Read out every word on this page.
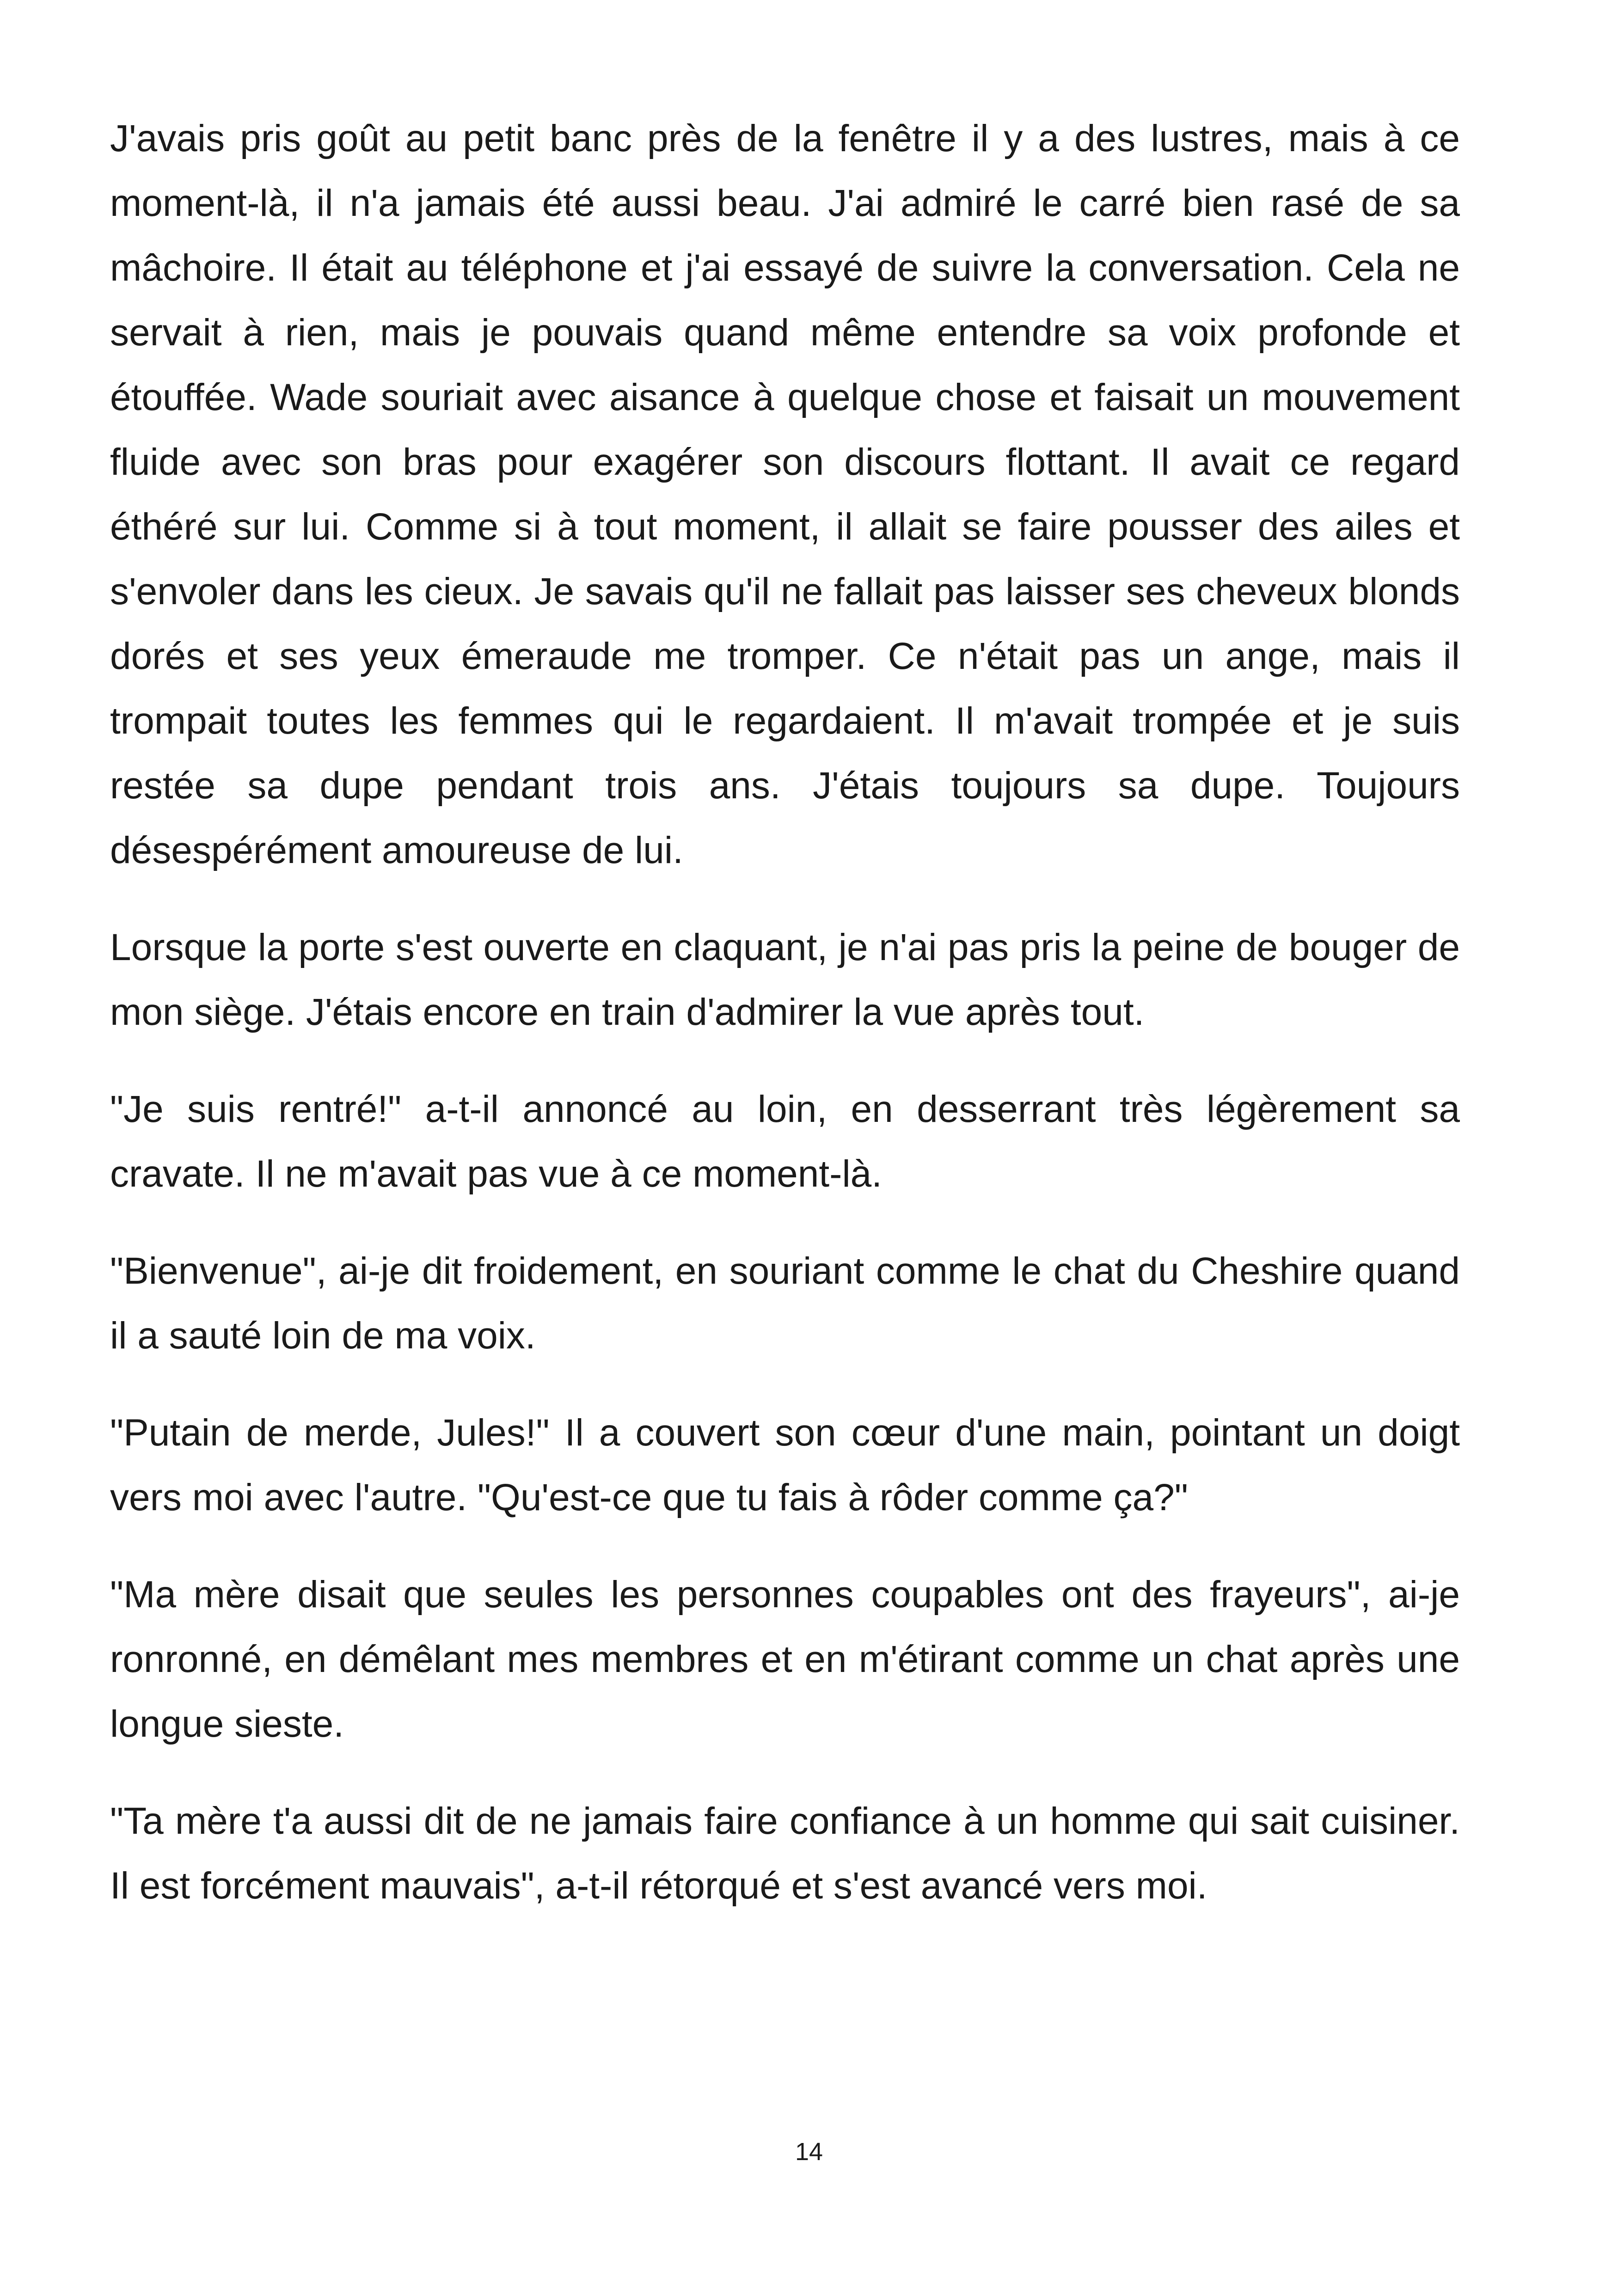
J'avais pris goût au petit banc près de la fenêtre il y a des lustres, mais à ce moment-là, il n'a jamais été aussi beau. J'ai admiré le carré bien rasé de sa mâchoire. Il était au téléphone et j'ai essayé de suivre la conversation. Cela ne servait à rien, mais je pouvais quand même entendre sa voix profonde et étouffée. Wade souriait avec aisance à quelque chose et faisait un mouvement fluide avec son bras pour exagérer son discours flottant. Il avait ce regard éthéré sur lui. Comme si à tout moment, il allait se faire pousser des ailes et s'envoler dans les cieux. Je savais qu'il ne fallait pas laisser ses cheveux blonds dorés et ses yeux émeraude me tromper. Ce n'était pas un ange, mais il trompait toutes les femmes qui le regardaient. Il m'avait trompée et je suis restée sa dupe pendant trois ans. J'étais toujours sa dupe. Toujours désespérément amoureuse de lui.

Lorsque la porte s'est ouverte en claquant, je n'ai pas pris la peine de bouger de mon siège. J'étais encore en train d'admirer la vue après tout.

"Je suis rentré!" a-t-il annoncé au loin, en desserrant très légèrement sa cravate. Il ne m'avait pas vue à ce moment-là.

"Bienvenue", ai-je dit froidement, en souriant comme le chat du Cheshire quand il a sauté loin de ma voix.

"Putain de merde, Jules!" Il a couvert son cœur d'une main, pointant un doigt vers moi avec l'autre. "Qu'est-ce que tu fais à rôder comme ça?"

"Ma mère disait que seules les personnes coupables ont des frayeurs", ai-je ronronné, en démêlant mes membres et en m'étirant comme un chat après une longue sieste.

"Ta mère t'a aussi dit de ne jamais faire confiance à un homme qui sait cuisiner. Il est forcément mauvais", a-t-il rétorqué et s'est avancé vers moi.

14
